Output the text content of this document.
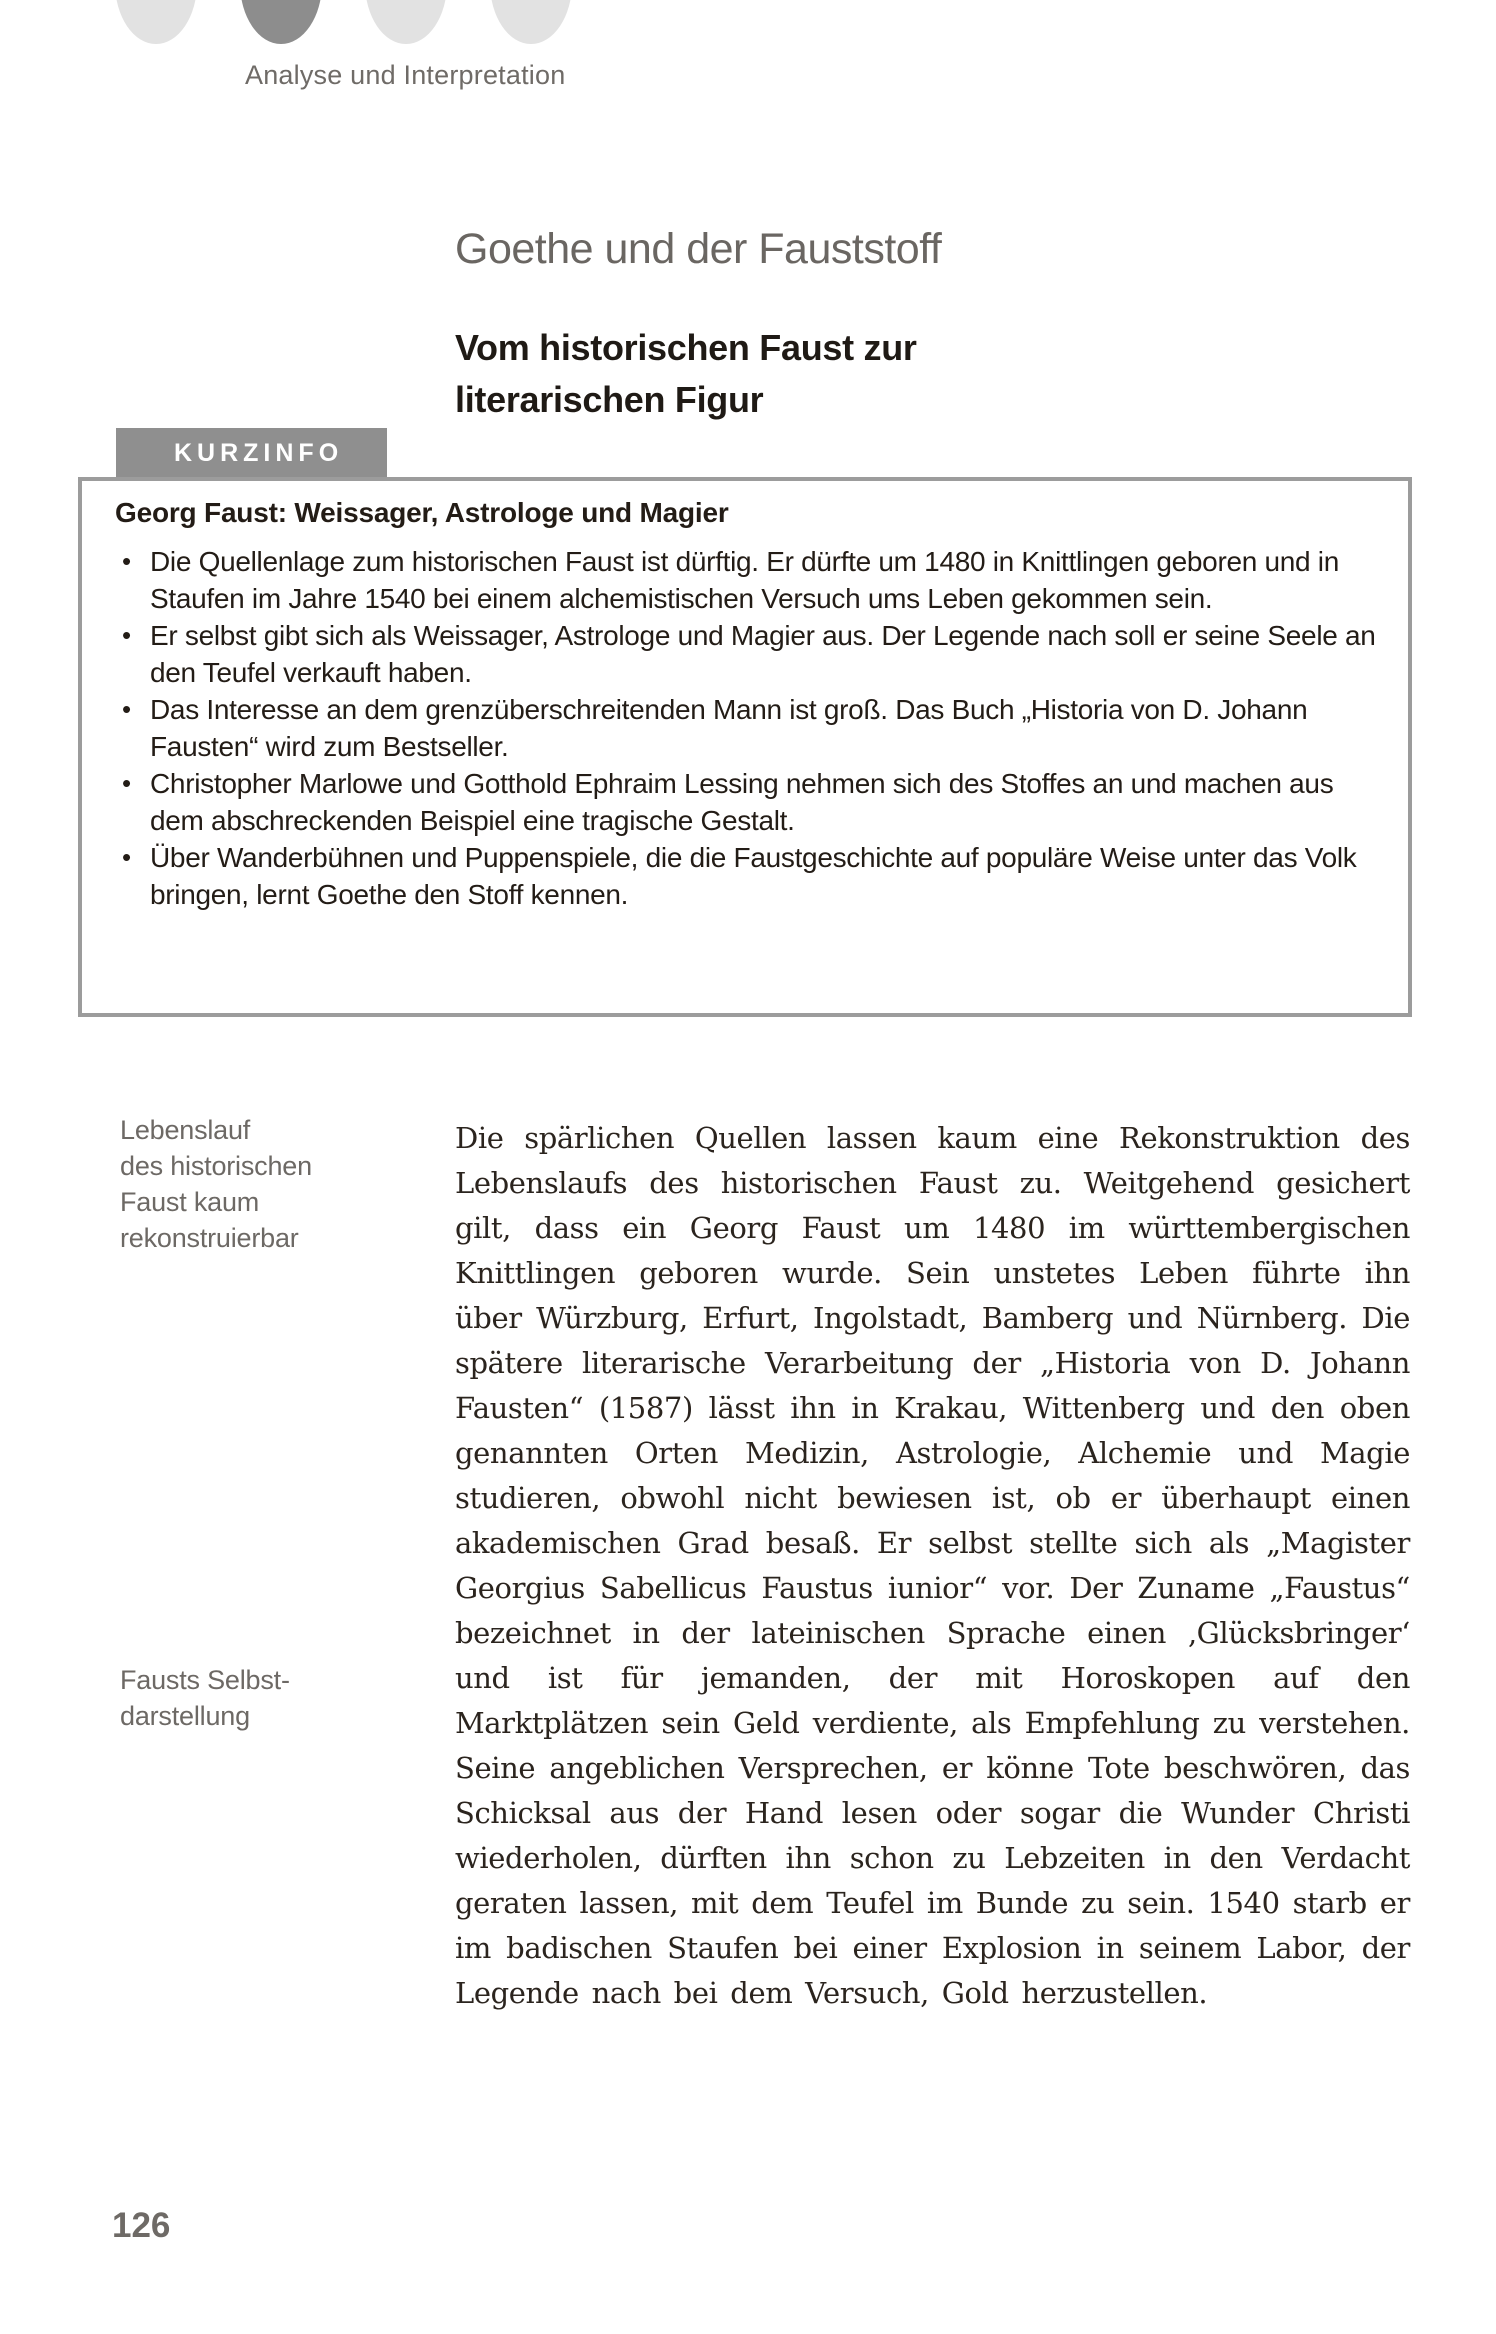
Analyse und Interpretation
Goethe und der Fauststoff
Vom historischen Faust zur
literarischen Figur
KURZINFO
Georg Faust: Weissager, Astrologe und Magier
• Die Quellenlage zum historischen Faust ist dürftig. Er dürfte um 1480 in Knittlingen geboren und in Staufen im Jahre 1540 bei einem alchemistischen Versuch ums Leben gekommen sein.
• Er selbst gibt sich als Weissager, Astrologe und Magier aus. Der Legende nach soll er seine Seele an den Teufel verkauft haben.
• Das Interesse an dem grenzüberschreitenden Mann ist groß. Das Buch „Historia von D. Johann Fausten“ wird zum Bestseller.
• Christopher Marlowe und Gotthold Ephraim Lessing nehmen sich des Stoffes an und machen aus dem abschreckenden Beispiel eine tragische Gestalt.
• Über Wanderbühnen und Puppenspiele, die die Faustgeschichte auf populäre Weise unter das Volk bringen, lernt Goethe den Stoff kennen.
Lebenslauf
des historischen
Faust kaum
rekonstruierbar
Fausts Selbst-
darstellung

Die spärlichen Quellen lassen kaum eine Rekonstruktion des Lebenslaufs des historischen Faust zu. Weitgehend gesichert gilt, dass ein Georg Faust um 1480 im württembergischen Knittlingen geboren wurde. Sein unstetes Leben führte ihn über Würzburg, Erfurt, Ingolstadt, Bamberg und Nürnberg. Die spätere literarische Verarbeitung der „Historia von D. Johann Fausten“ (1587) lässt ihn in Krakau, Wittenberg und den oben genannten Orten Medizin, Astrologie, Alchemie und Magie studieren, obwohl nicht bewiesen ist, ob er überhaupt einen akademischen Grad besaß. Er selbst stellte sich als „Magister Georgius Sabellicus Faustus iunior“ vor. Der Zuname „Faustus“ bezeichnet in der lateinischen Sprache einen ‚Glücksbringer‘ und ist für jemanden, der mit Horoskopen auf den Marktplätzen sein Geld verdiente, als Empfehlung zu verstehen. Seine angeblichen Versprechen, er könne Tote beschwören, das Schicksal aus der Hand lesen oder sogar die Wunder Christi wiederholen, dürften ihn schon zu Lebzeiten in den Verdacht geraten lassen, mit dem Teufel im Bunde zu sein. 1540 starb er im badischen Staufen bei einer Explosion in seinem Labor, der Legende nach bei dem Versuch, Gold herzustellen.

126
